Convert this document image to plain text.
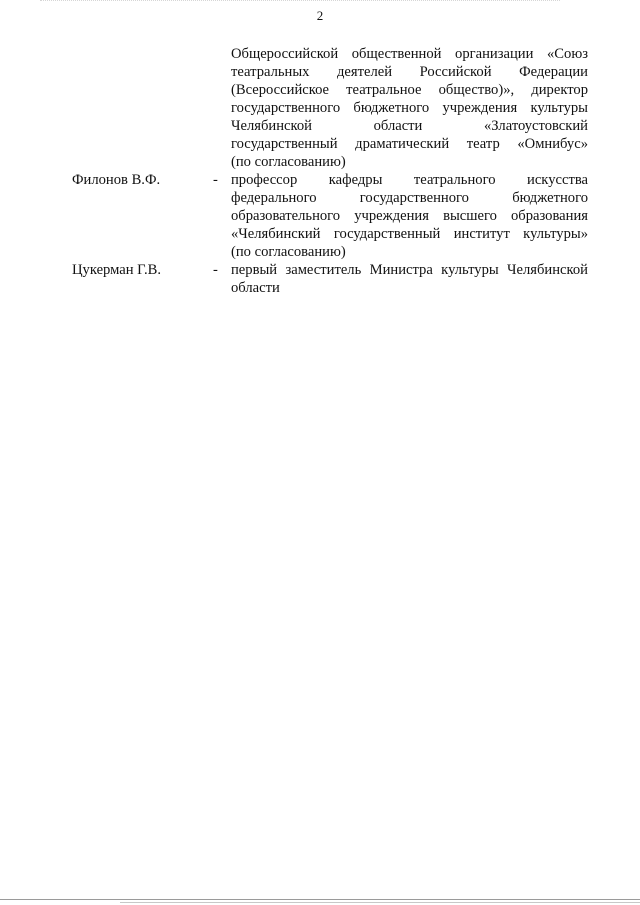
2
Общероссийской общественной организации «Союз
театральных деятелей Российской Федерации
(Всероссийское театральное общество)», директор
государственного бюджетного учреждения культуры
Челябинской области «Златоустовский
государственный драматический театр «Омнибус»
(по согласованию)
Филонов В.Ф.	- профессор кафедры театрального искусства
федерального государственного бюджетного
образовательного учреждения высшего образования
«Челябинский государственный институт культуры»
(по согласованию)
Цукерман Г.В.	- первый заместитель Министра культуры Челябинской
области
